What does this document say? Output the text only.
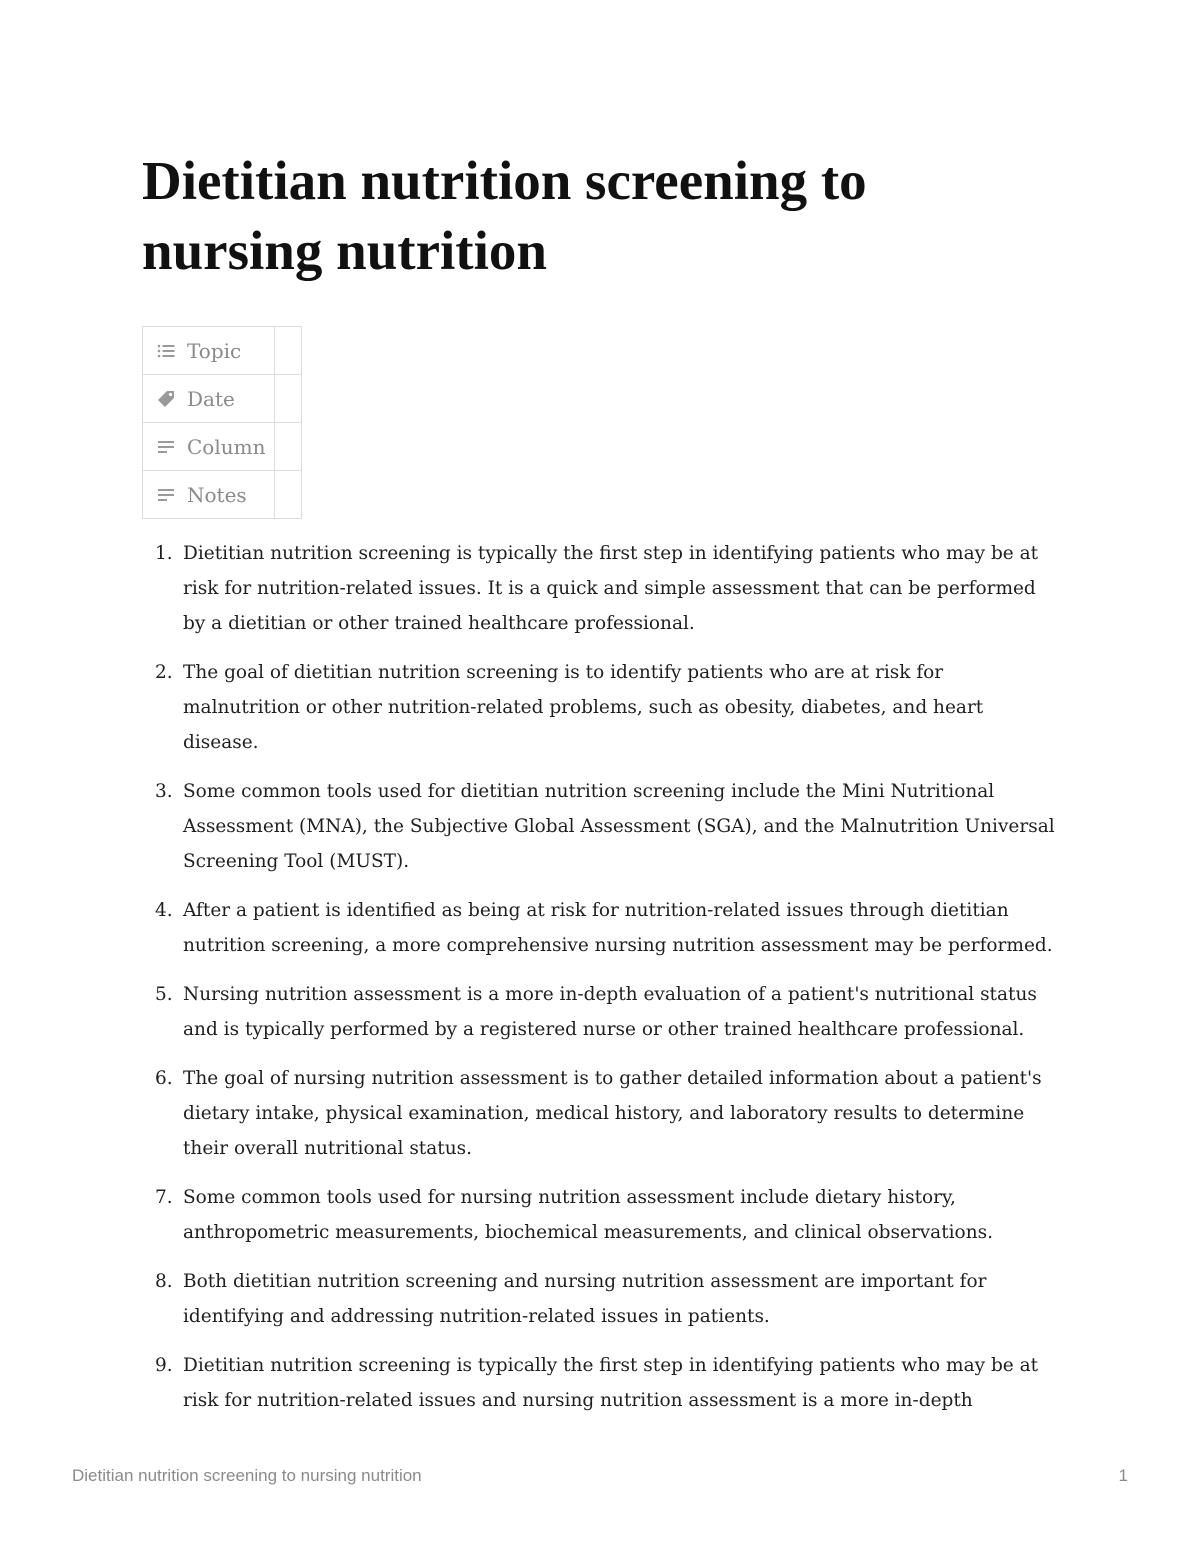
Dietitian nutrition screening to nursing nutrition
Topic	

Date	

Column	

Notes	

1. Dietitian nutrition screening is typically the first step in identifying patients who may be at risk for nutrition-related issues. It is a quick and simple assessment that can be performed by a dietitian or other trained healthcare professional.
2. The goal of dietitian nutrition screening is to identify patients who are at risk for malnutrition or other nutrition-related problems, such as obesity, diabetes, and heart disease.
3. Some common tools used for dietitian nutrition screening include the Mini Nutritional Assessment (MNA), the Subjective Global Assessment (SGA), and the Malnutrition Universal Screening Tool (MUST).
4. After a patient is identified as being at risk for nutrition-related issues through dietitian nutrition screening, a more comprehensive nursing nutrition assessment may be performed.
5. Nursing nutrition assessment is a more in-depth evaluation of a patient's nutritional status and is typically performed by a registered nurse or other trained healthcare professional.
6. The goal of nursing nutrition assessment is to gather detailed information about a patient's dietary intake, physical examination, medical history, and laboratory results to determine their overall nutritional status.
7. Some common tools used for nursing nutrition assessment include dietary history, anthropometric measurements, biochemical measurements, and clinical observations.
8. Both dietitian nutrition screening and nursing nutrition assessment are important for identifying and addressing nutrition-related issues in patients.
9. Dietitian nutrition screening is typically the first step in identifying patients who may be at risk for nutrition-related issues and nursing nutrition assessment is a more in-depth
Dietitian nutrition screening to nursing nutrition	1
